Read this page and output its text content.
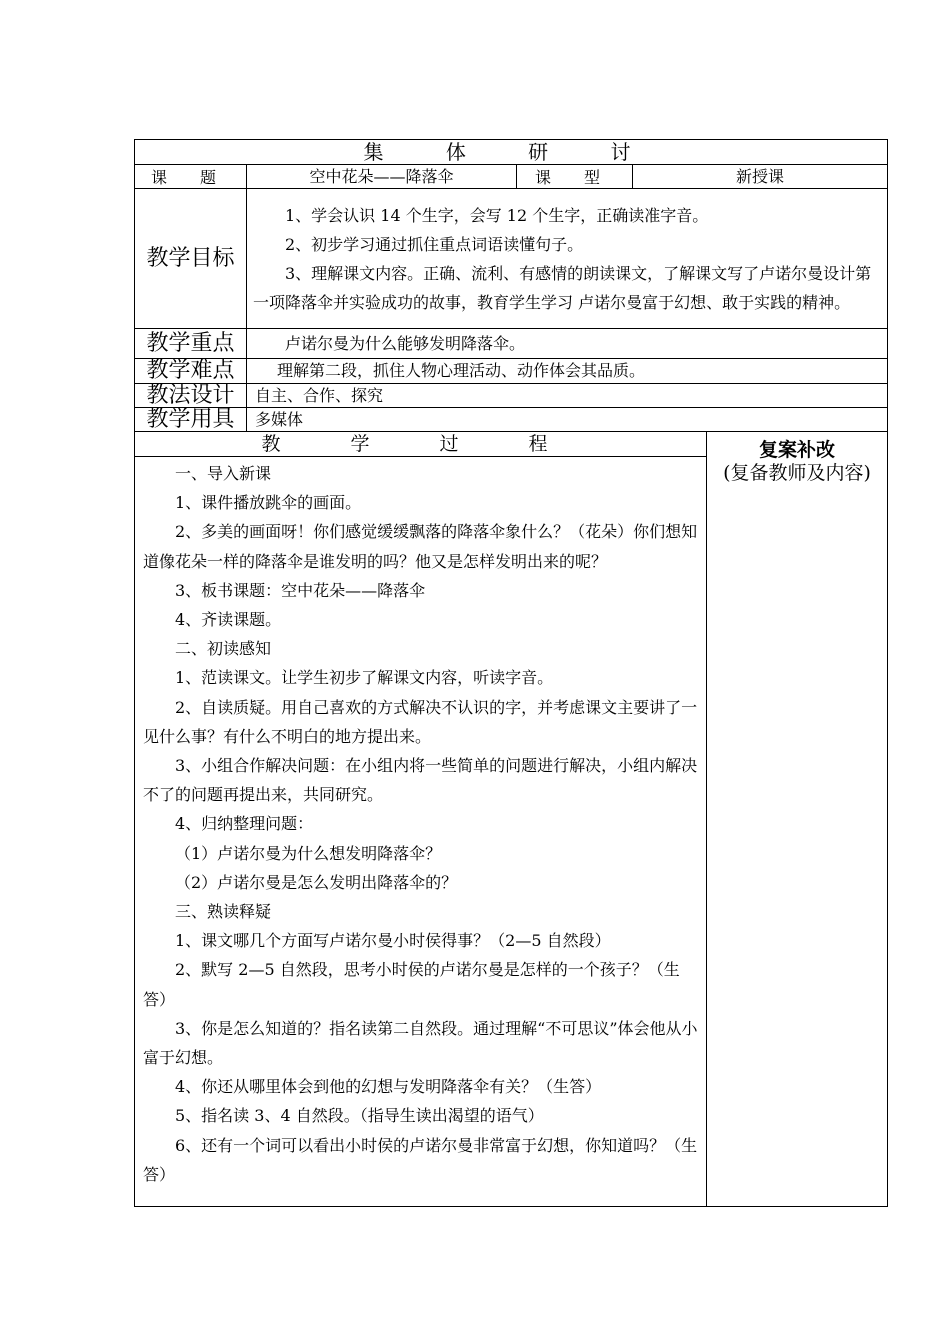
集 体 研 讨			
课 题	空中花朵——降落伞	课 型	新授课
教学目标	1、学会认识 14 个生字，会写 12 个生字，正确读准字音。

2、初步学习通过抓住重点词语读懂句子。

3、理解课文内容。正确、流利、有感情的朗读课文，了解课文写了卢诺尔曼设计第一项降落伞并实验成功的故事，教育学生学习 卢诺尔曼富于幻想、敢于实践的精神。		

教学重点	卢诺尔曼为什么能够发明降落伞。		
教学难点	理解第二段，抓住人物心理活动、动作体会其品质。		
教法设计	自主、合作、探究		
教学用具	多媒体		
教 学 过 程	复案补改
(复备教师及内容)

一、导入新课

1、课件播放跳伞的画面。

2、多美的画面呀！你们感觉缓缓飘落的降落伞象什么？（花朵）你们想知道像花朵一样的降落伞是谁发明的吗？他又是怎样发明出来的呢？

3、板书课题：空中花朵——降落伞

4、齐读课题。

二、初读感知

1、范读课文。让学生初步了解课文内容，听读字音。

2、自读质疑。用自己喜欢的方式解决不认识的字，并考虑课文主要讲了一见什么事？有什么不明白的地方提出来。

3、小组合作解决问题：在小组内将一些简单的问题进行解决，小组内解决不了的问题再提出来，共同研究。

4、归纳整理问题：

（1）卢诺尔曼为什么想发明降落伞？

（2）卢诺尔曼是怎么发明出降落伞的？

三、熟读释疑

1、课文哪几个方面写卢诺尔曼小时侯得事？（2—5 自然段）

2、默写 2—5 自然段，思考小时侯的卢诺尔曼是怎样的一个孩子？（生答）

3、你是怎么知道的？指名读第二自然段。通过理解“不可思议”体会他从小富于幻想。

4、你还从哪里体会到他的幻想与发明降落伞有关？（生答）

5、指名读 3、4 自然段。（指导生读出渴望的语气）

6、还有一个词可以看出小时侯的卢诺尔曼非常富于幻想，你知道吗？（生答）
